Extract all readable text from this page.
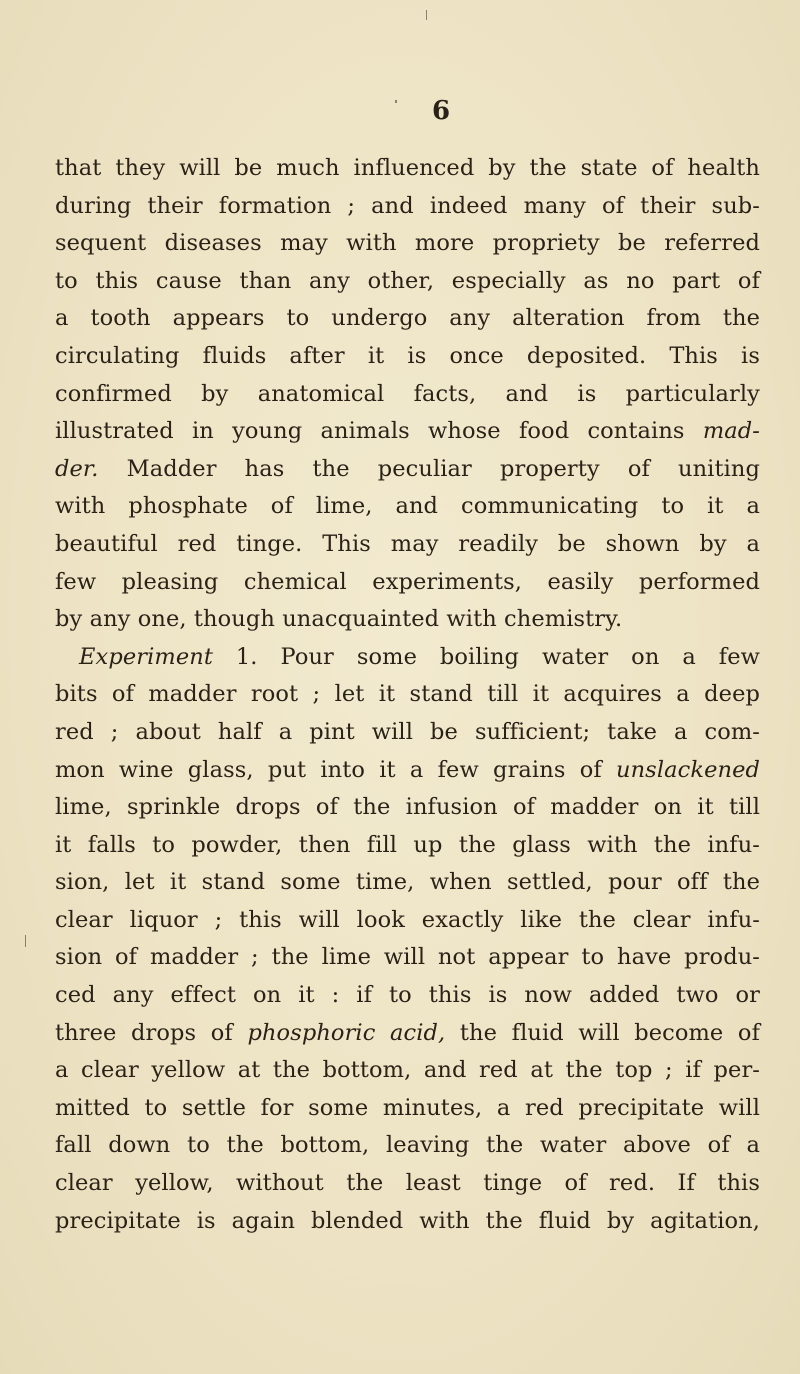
6
that they will be much influenced by the state of health
during their formation ; and indeed many of their sub-
sequent diseases may with more propriety be referred
to this cause than any other, especially as no part of
a tooth appears to undergo any alteration from the
circulating fluids after it is once deposited. This is
confirmed by anatomical facts, and is particularly
illustrated in young animals whose food contains mad-
der. Madder has the peculiar property of uniting
with phosphate of lime, and communicating to it a
beautiful red tinge. This may readily be shown by a
few pleasing chemical experiments, easily performed
by any one, though unacquainted with chemistry.
Experiment 1. Pour some boiling water on a few
bits of madder root ; let it stand till it acquires a deep
red ; about half a pint will be sufficient; take a com-
mon wine glass, put into it a few grains of unslackened
lime, sprinkle drops of the infusion of madder on it till
it falls to powder, then fill up the glass with the infu-
sion, let it stand some time, when settled, pour off the
clear liquor ; this will look exactly like the clear infu-
sion of madder ; the lime will not appear to have produ-
ced any effect on it : if to this is now added two or
three drops of phosphoric acid, the fluid will become of
a clear yellow at the bottom, and red at the top ; if per-
mitted to settle for some minutes, a red precipitate will
fall down to the bottom, leaving the water above of a
clear yellow, without the least tinge of red. If this
precipitate is again blended with the fluid by agitation,
